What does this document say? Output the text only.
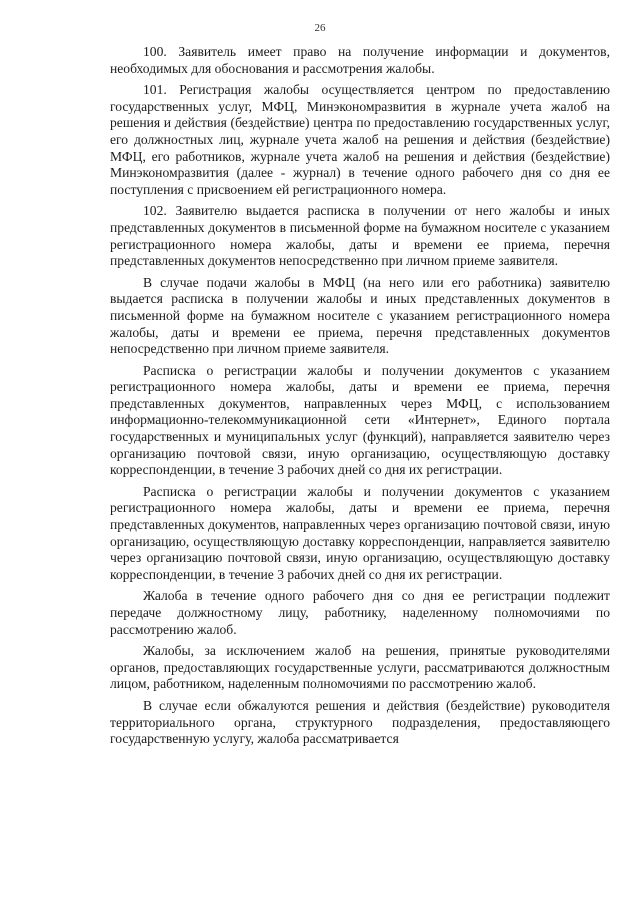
26

100. Заявитель имеет право на получение информации и документов, необходимых для обоснования и рассмотрения жалобы.

101. Регистрация жалобы осуществляется центром по предоставлению государственных услуг, МФЦ, Минэкономразвития в журнале учета жалоб на решения и действия (бездействие) центра по предоставлению государственных услуг, его должностных лиц, журнале учета жалоб на решения и действия (бездействие) МФЦ, его работников, журнале учета жалоб на решения и действия (бездействие) Минэкономразвития (далее - журнал) в течение одного рабочего дня со дня ее поступления с присвоением ей регистрационного номера.

102. Заявителю выдается расписка в получении от него жалобы и иных представленных документов в письменной форме на бумажном носителе с указанием регистрационного номера жалобы, даты и времени ее приема, перечня представленных документов непосредственно при личном приеме заявителя.

В случае подачи жалобы в МФЦ (на него или его работника) заявителю выдается расписка в получении жалобы и иных представленных документов в письменной форме на бумажном носителе с указанием регистрационного номера жалобы, даты и времени ее приема, перечня представленных документов непосредственно при личном приеме заявителя.

Расписка о регистрации жалобы и получении документов с указанием регистрационного номера жалобы, даты и времени ее приема, перечня представленных документов, направленных через МФЦ, с использованием информационно-телекоммуникационной сети «Интернет», Единого портала государственных и муниципальных услуг (функций), направляется заявителю через организацию почтовой связи, иную организацию, осуществляющую доставку корреспонденции, в течение 3 рабочих дней со дня их регистрации.

Расписка о регистрации жалобы и получении документов с указанием регистрационного номера жалобы, даты и времени ее приема, перечня представленных документов, направленных через организацию почтовой связи, иную организацию, осуществляющую доставку корреспонденции, направляется заявителю через организацию почтовой связи, иную организацию, осуществляющую доставку корреспонденции, в течение 3 рабочих дней со дня их регистрации.

Жалоба в течение одного рабочего дня со дня ее регистрации подлежит передаче должностному лицу, работнику, наделенному полномочиями по рассмотрению жалоб.

Жалобы, за исключением жалоб на решения, принятые руководителями органов, предоставляющих государственные услуги, рассматриваются должностным лицом, работником, наделенным полномочиями по рассмотрению жалоб.

В случае если обжалуются решения и действия (бездействие) руководителя территориального органа, структурного подразделения, предоставляющего государственную услугу, жалоба рассматривается
